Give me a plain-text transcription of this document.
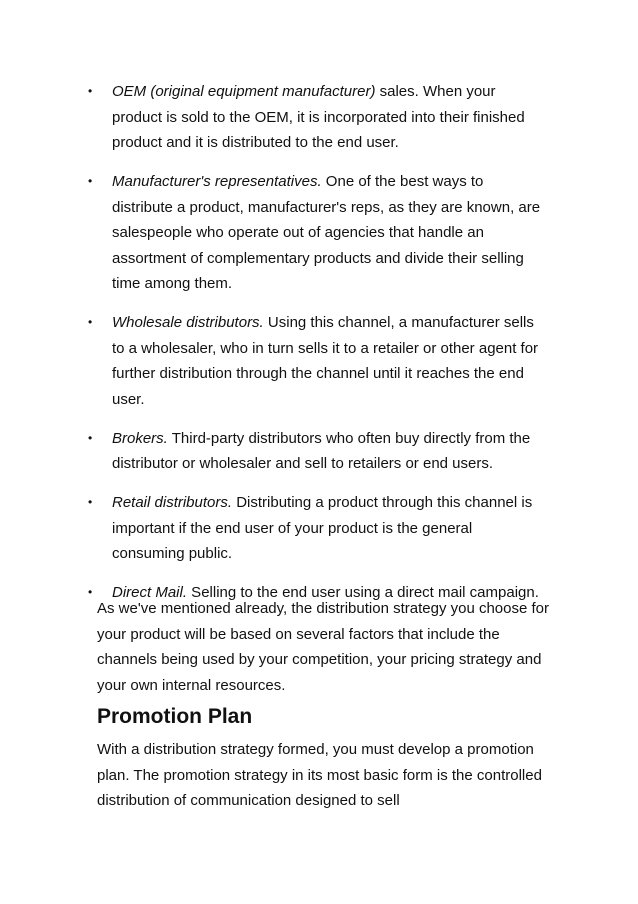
•	OEM (original equipment manufacturer) sales. When your product is sold to the OEM, it is incorporated into their finished product and it is distributed to the end user.
•	Manufacturer's representatives. One of the best ways to distribute a product, manufacturer's reps, as they are known, are salespeople who operate out of agencies that handle an assortment of complementary products and divide their selling time among them.
•	Wholesale distributors. Using this channel, a manufacturer sells to a wholesaler, who in turn sells it to a retailer or other agent for further distribution through the channel until it reaches the end user.
•	Brokers. Third-party distributors who often buy directly from the distributor or wholesaler and sell to retailers or end users.
•	Retail distributors. Distributing a product through this channel is important if the end user of your product is the general consuming public.
•	Direct Mail. Selling to the end user using a direct mail campaign.

As we've mentioned already, the distribution strategy you choose for your product will be based on several factors that include the channels being used by your competition, your pricing strategy and your own internal resources.

Promotion Plan

With a distribution strategy formed, you must develop a promotion plan. The promotion strategy in its most basic form is the controlled distribution of communication designed to sell
